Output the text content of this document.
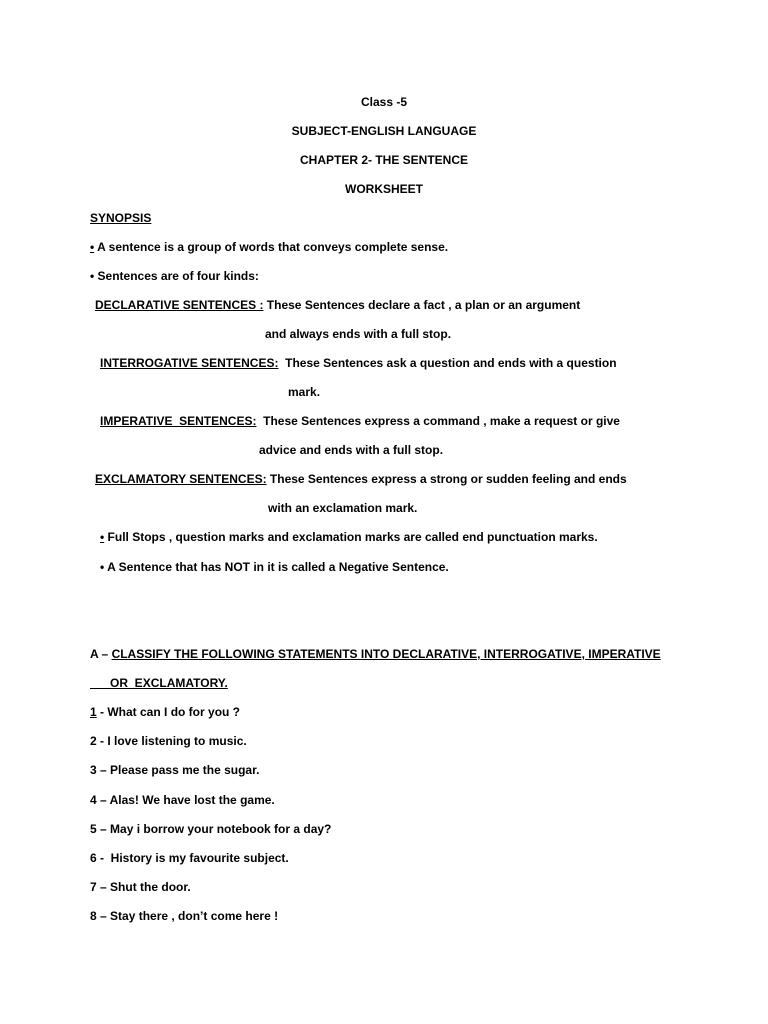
Class -5

SUBJECT-ENGLISH LANGUAGE

CHAPTER 2- THE SENTENCE

WORKSHEET

SYNOPSIS

• A sentence is a group of words that conveys complete sense.

• Sentences are of four kinds:

DECLARATIVE SENTENCES : These Sentences declare a fact , a plan or an argument

and always ends with a full stop.

INTERROGATIVE SENTENCES:  These Sentences ask a question and ends with a question

mark.

IMPERATIVE  SENTENCES:  These Sentences express a command , make a request or give

advice and ends with a full stop.

EXCLAMATORY SENTENCES: These Sentences express a strong or sudden feeling and ends

with an exclamation mark.

• Full Stops , question marks and exclamation marks are called end punctuation marks.

• A Sentence that has NOT in it is called a Negative Sentence.

A – CLASSIFY THE FOLLOWING STATEMENTS INTO DECLARATIVE, INTERROGATIVE, IMPERATIVE

OR  EXCLAMATORY.

1 - What can I do for you ?

2 - I love listening to music.

3 – Please pass me the sugar.

4 – Alas! We have lost the game.

5 – May i borrow your notebook for a day?

6 -  History is my favourite subject.

7 – Shut the door.

8 – Stay there , don’t come here !
